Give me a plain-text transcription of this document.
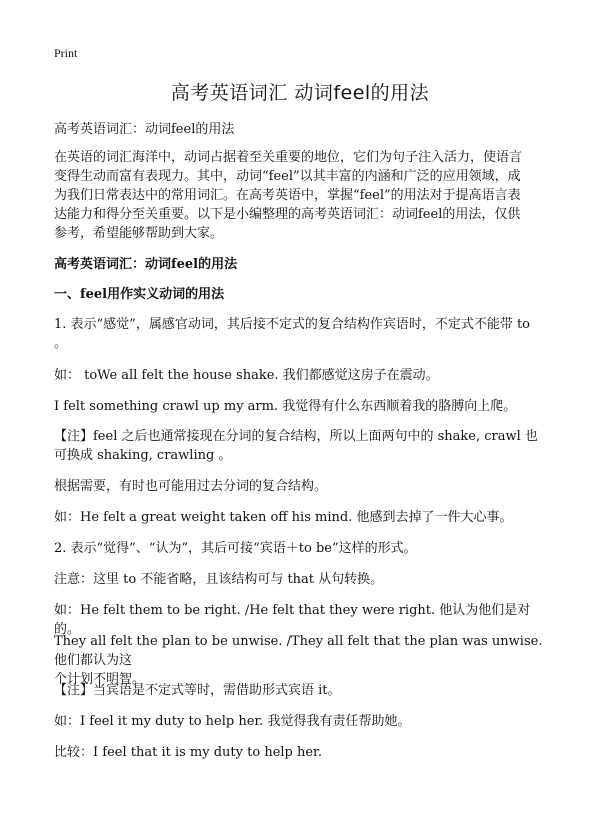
Print
高考英语词汇 动词feel的用法
高考英语词汇：动词feel的用法
在英语的词汇海洋中，动词占据着至关重要的地位，它们为句子注入活力，使语言
变得生动而富有表现力。其中，动词“feel”以其丰富的内涵和广泛的应用领域，成
为我们日常表达中的常用词汇。在高考英语中，掌握“feel”的用法对于提高语言表
达能力和得分至关重要。以下是小编整理的高考英语词汇：动词feel的用法，仅供
参考，希望能够帮助到大家。
高考英语词汇：动词feel的用法
一、feel用作实义动词的用法
1. 表示“感觉”，属感官动词，其后接不定式的复合结构作宾语时，不定式不能带 to
。
如： toWe all felt the house shake. 我们都感觉这房子在震动。
I felt something crawl up my arm. 我觉得有什么东西顺着我的胳膊向上爬。
【注】feel 之后也通常接现在分词的复合结构，所以上面两句中的 shake, crawl 也
可换成 shaking, crawling 。
根据需要，有时也可能用过去分词的复合结构。
如：He felt a great weight taken off his mind. 他感到去掉了一件大心事。
2. 表示“觉得”、“认为”，其后可接“宾语＋to be”这样的形式。
注意：这里 to 不能省略，且该结构可与 that 从句转换。
如：He felt them to be right. /He felt that they were right. 他认为他们是对的。
They all felt the plan to be unwise. /They all felt that the plan was unwise. 他们都认为这
个计划不明智。
【注】当宾语是不定式等时，需借助形式宾语 it。
如：I feel it my duty to help her. 我觉得我有责任帮助她。
比较：I feel that it is my duty to help her.
